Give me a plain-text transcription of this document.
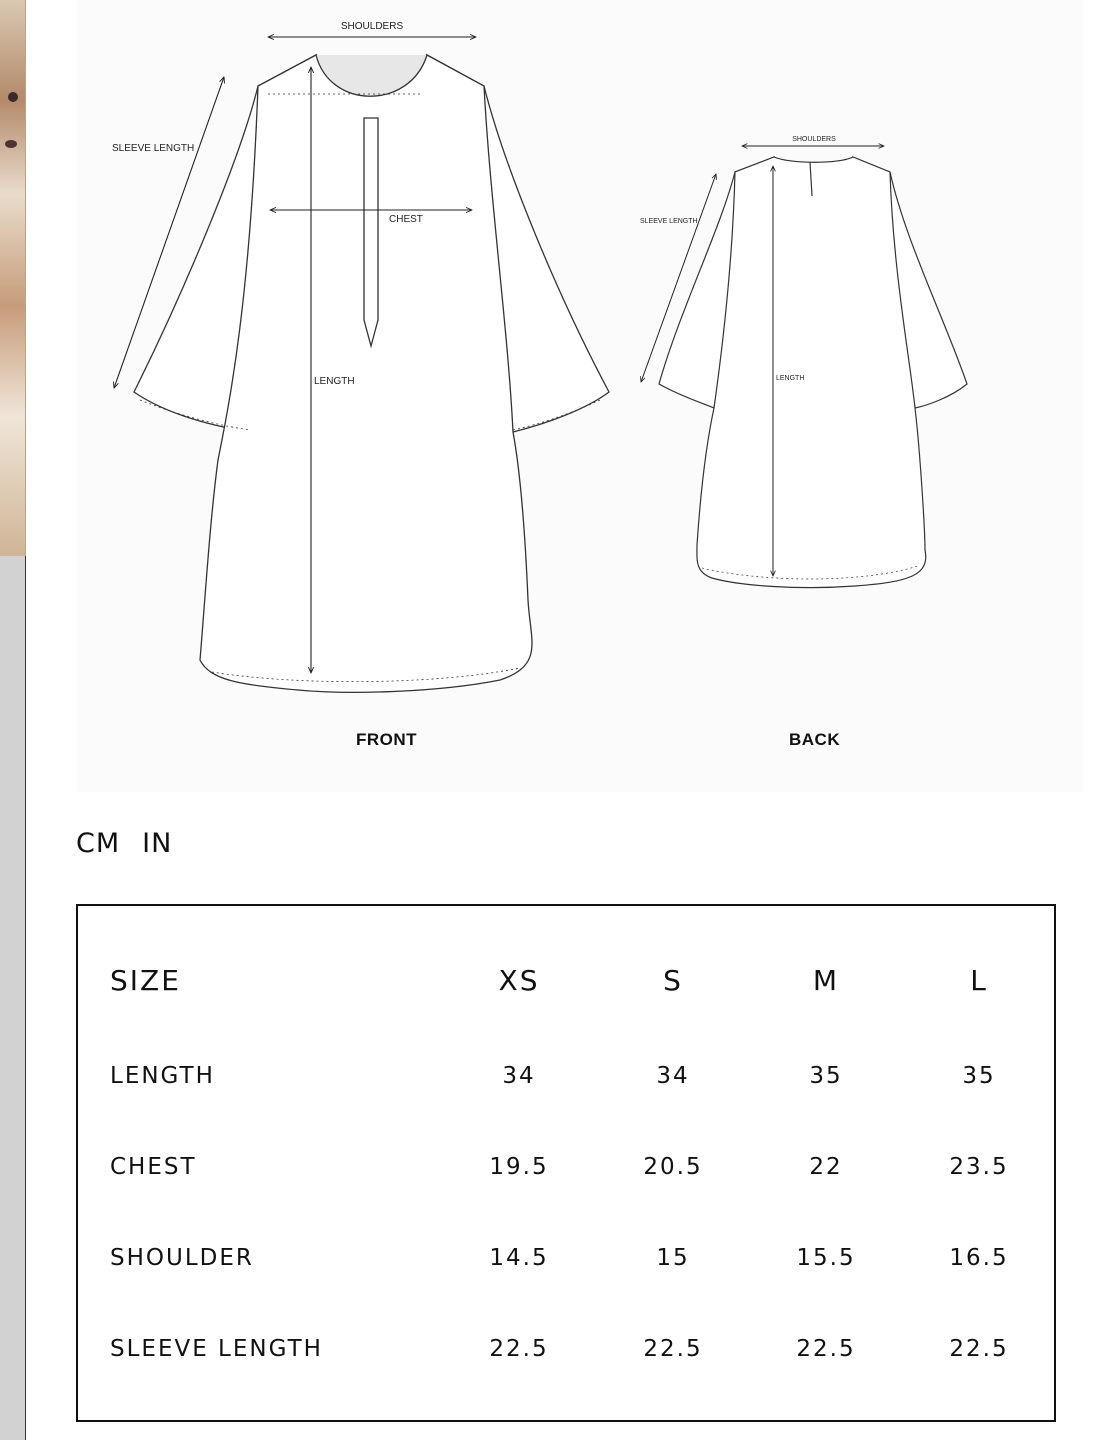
SHOULDERS
SLEEVE LENGTH
CHEST
LENGTH
SHOULDERS
SLEEVE LENGTH
LENGTH
FRONT	BACK
CM IN
SIZE	XS	S	M	L
LENGTH	34	34	35	35
CHEST	19.5	20.5	22	23.5
SHOULDER	14.5	15	15.5	16.5
SLEEVE LENGTH	22.5	22.5	22.5	22.5
